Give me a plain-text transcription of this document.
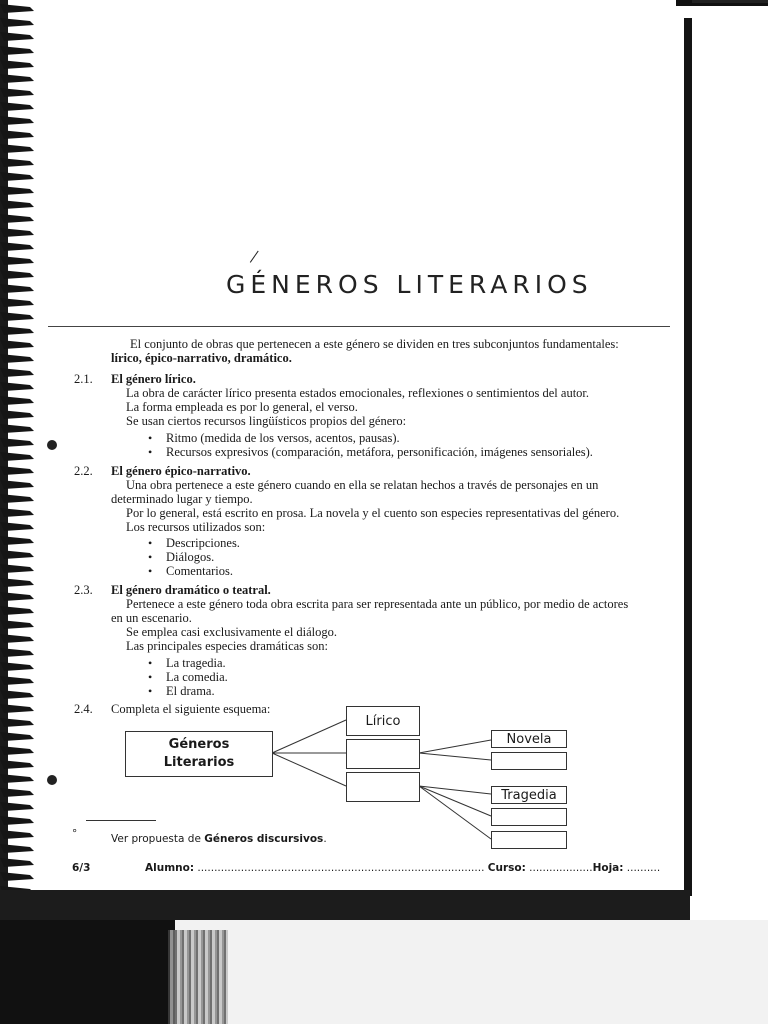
GÉNEROS LITERARIOS
El conjunto de obras que pertenecen a este género se dividen en tres subconjuntos fundamentales:
lírico, épico-narrativo, dramático.
2.1. El género lírico.
La obra de carácter lírico presenta estados emocionales, reflexiones o sentimientos del autor.
La forma empleada es por lo general, el verso.
Se usan ciertos recursos lingüísticos propios del género:
• Ritmo (medida de los versos, acentos, pausas).
• Recursos expresivos (comparación, metáfora, personificación, imágenes sensoriales).
2.2. El género épico-narrativo.
Una obra pertenece a este género cuando en ella se relatan hechos a través de personajes en un
determinado lugar y tiempo.
Por lo general, está escrito en prosa. La novela y el cuento son especies representativas del género.
Los recursos utilizados son:
• Descripciones.
• Diálogos.
• Comentarios.
2.3. El género dramático o teatral.
Pertenece a este género toda obra escrita para ser representada ante un público, por medio de actores
en un escenario.
Se emplea casi exclusivamente el diálogo.
Las principales especies dramáticas son:
• La tragedia.
• La comedia.
• El drama.
2.4. Completa el siguiente esquema:
Géneros
Literarios
Lírico
Novela
Tragedia
°	Ver propuesta de Géneros discursivos.
6/3	Alumno: ...................................................................................... Curso: ...................Hoja: ..........
